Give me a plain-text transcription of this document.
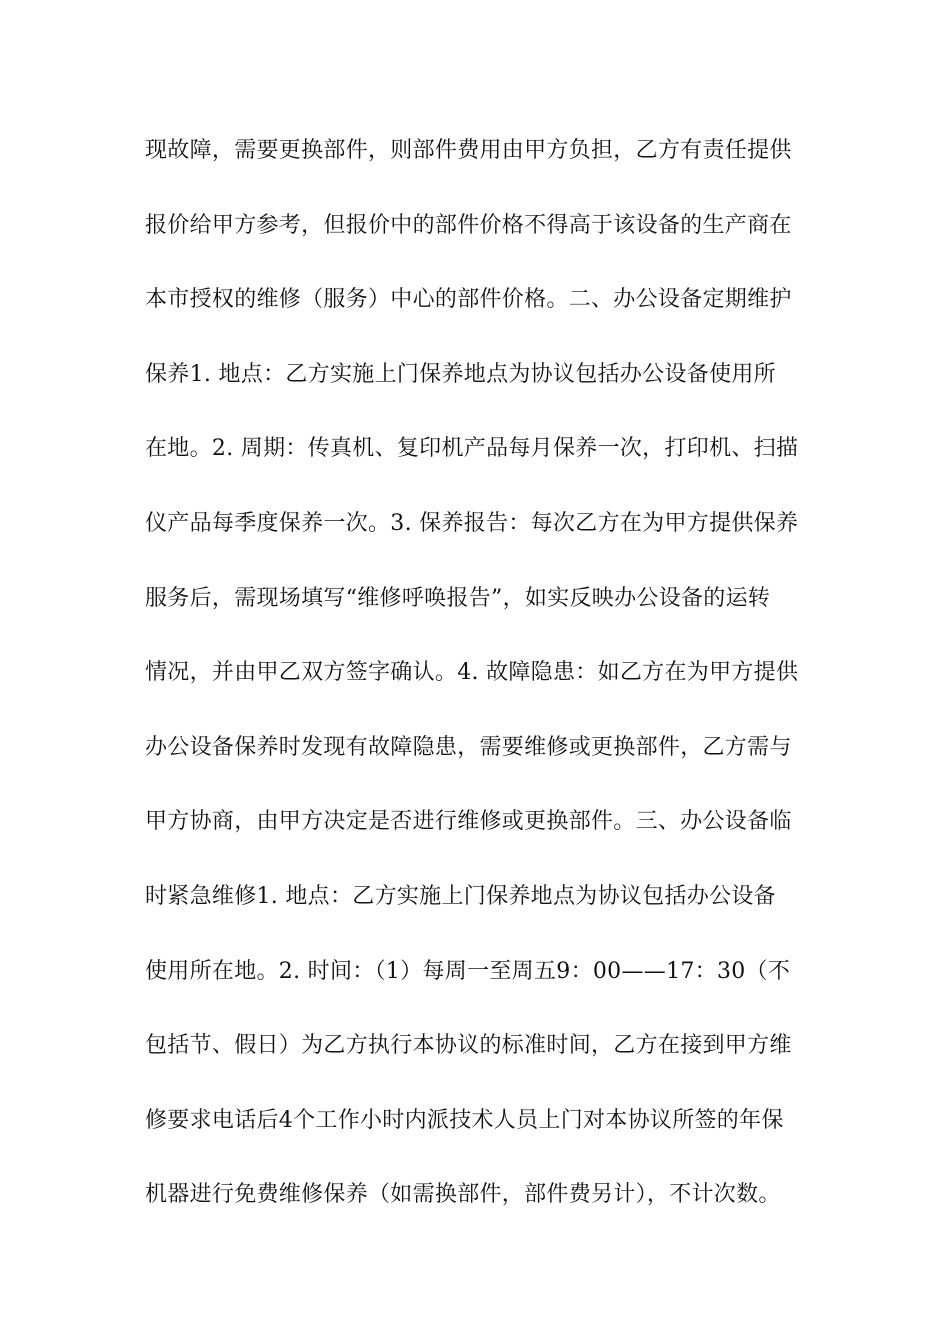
现故障，需要更换部件，则部件费用由甲方负担，乙方有责任提供
报价给甲方参考，但报价中的部件价格不得高于该设备的生产商在
本市授权的维修（服务）中心的部件价格。二、办公设备定期维护
保养1. 地点：乙方实施上门保养地点为协议包括办公设备使用所
在地。2. 周期：传真机、复印机产品每月保养一次，打印机、扫描
仪产品每季度保养一次。3. 保养报告：每次乙方在为甲方提供保养
服务后，需现场填写“维修呼唤报告”，如实反映办公设备的运转
情况，并由甲乙双方签字确认。4. 故障隐患：如乙方在为甲方提供
办公设备保养时发现有故障隐患，需要维修或更换部件，乙方需与
甲方协商，由甲方决定是否进行维修或更换部件。三、办公设备临
时紧急维修1. 地点：乙方实施上门保养地点为协议包括办公设备
使用所在地。2. 时间：（1）每周一至周五9：00——17：30（不
包括节、假日）为乙方执行本协议的标准时间，乙方在接到甲方维
修要求电话后4个工作小时内派技术人员上门对本协议所签的年保
机器进行免费维修保养（如需换部件，部件费另计），不计次数。
